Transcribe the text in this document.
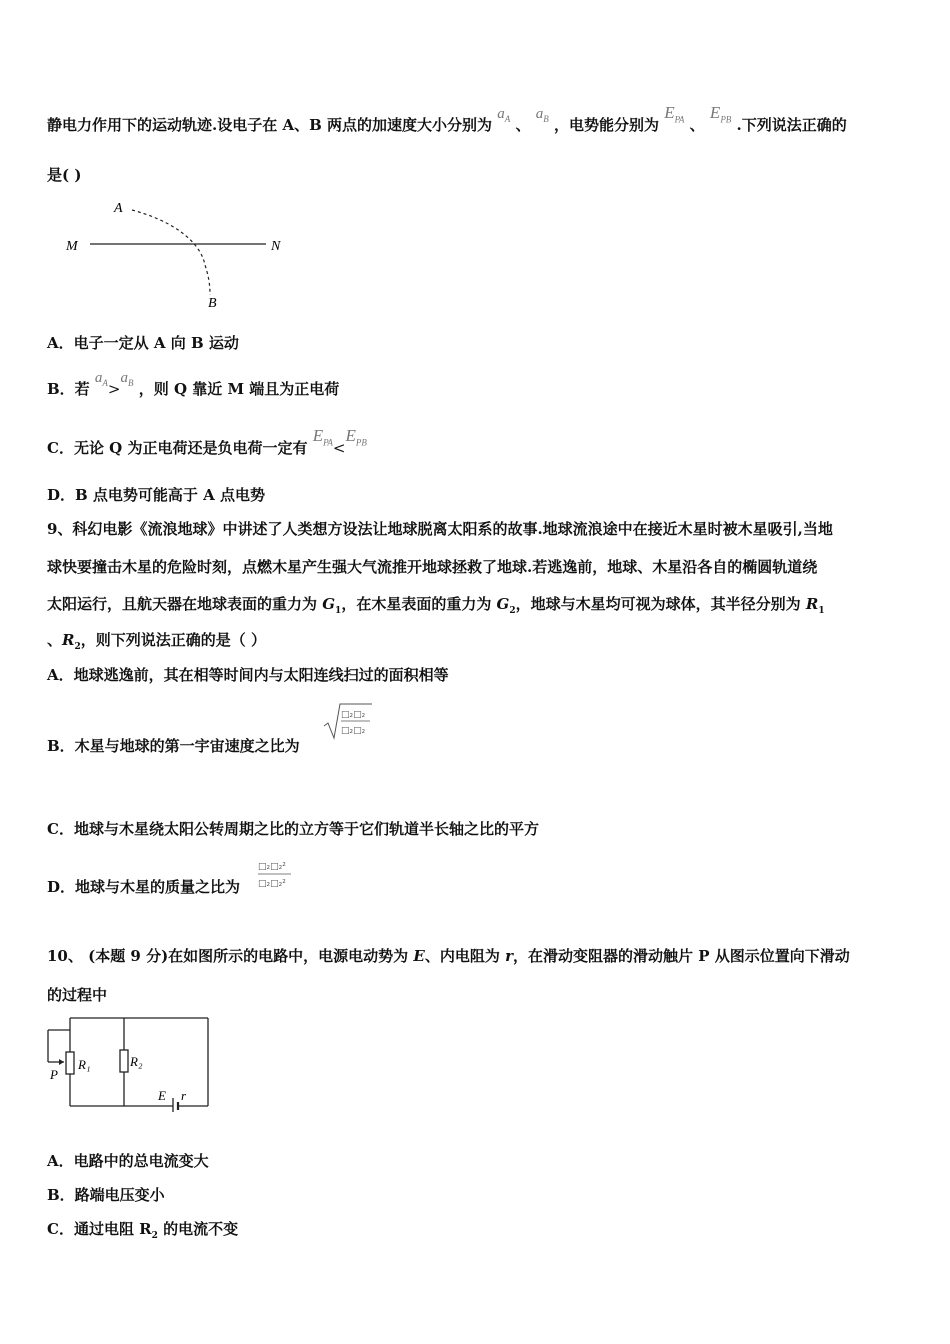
静电力作用下的运动轨迹.设电子在 A、B 两点的加速度大小分别为 $a_A$ 、 $a_B$ ，电势能分别为 $E_{PA}$ 、 $E_{PB}$ .下列说法正确的
是( )
A
M	N
B
A．电子一定从 A 向 B 运动
B．若 $a_A>a_B$ ，则 Q 靠近 M 端且为正电荷
C．无论 Q 为正电荷还是负电荷一定有 $E_{PA}<E_{PB}$
D．B 点电势可能高于 A 点电势
9、科幻电影《流浪地球》中讲述了人类想方设法让地球脱离太阳系的故事.地球流浪途中在接近木星时被木星吸引,当地
球快要撞击木星的危险时刻，点燃木星产生强大气流推开地球拯救了地球.若逃逸前，地球、木星沿各自的椭圆轨道绕
太阳运行，且航天器在地球表面的重力为 $G_1$，在木星表面的重力为 $G_2$，地球与木星均可视为球体，其半径分别为 $R_1$
、$R_2$，则下列说法正确的是（ ）
A．地球逃逸前，其在相等时间内与太阳连线扫过的面积相等
B．木星与地球的第一宇宙速度之比为
□₂□₂
□₂□₂
C．地球与木星绕太阳公转周期之比的立方等于它们轨道半长轴之比的平方
D．地球与木星的质量之比为
□₂□₂²
□₂□₂²
10、 (本题 9 分)在如图所示的电路中，电源电动势为 E、内电阻为 r，在滑动变阻器的滑动触片 P 从图示位置向下滑动
的过程中
P
R₁	R₂
E r
A．电路中的总电流变大
B．路端电压变小
C．通过电阻 $R_2$ 的电流不变
